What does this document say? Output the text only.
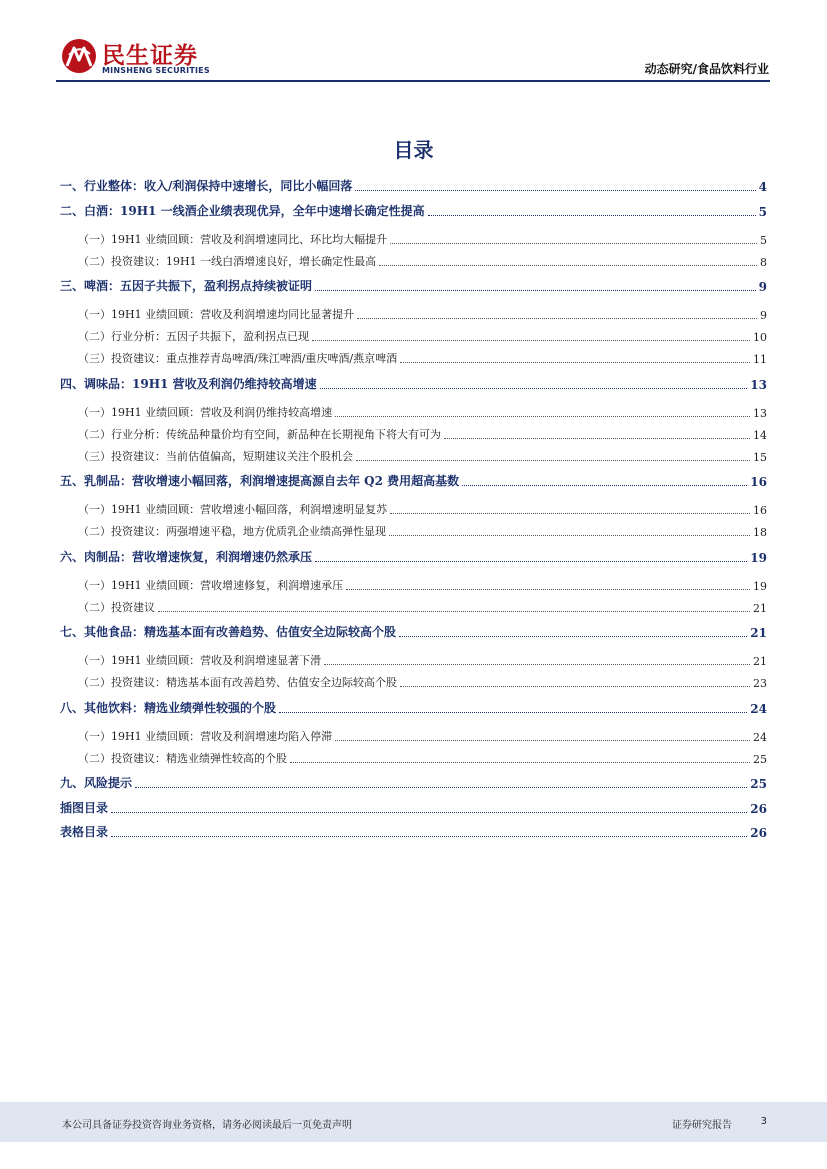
民生证券
MINSHENG SECURITIES	动态研究/食品饮料行业
目录
一、行业整体：收入/利润保持中速增长，同比小幅回落	4
二、白酒：19H1 一线酒企业绩表现优异，全年中速增长确定性提高	5
（一）19H1 业绩回顾：营收及利润增速同比、环比均大幅提升	5
（二）投资建议：19H1 一线白酒增速良好，增长确定性最高	8
三、啤酒：五因子共振下，盈利拐点持续被证明	9
（一）19H1 业绩回顾：营收及利润增速均同比显著提升	9
（二）行业分析：五因子共振下，盈利拐点已现	10
（三）投资建议：重点推荐青岛啤酒/珠江啤酒/重庆啤酒/燕京啤酒	11
四、调味品：19H1 营收及利润仍维持较高增速	13
（一）19H1 业绩回顾：营收及利润仍维持较高增速	13
（二）行业分析：传统品种量价均有空间，新品种在长期视角下将大有可为	14
（三）投资建议：当前估值偏高，短期建议关注个股机会	15
五、乳制品：营收增速小幅回落，利润增速提高源自去年 Q2 费用超高基数	16
（一）19H1 业绩回顾：营收增速小幅回落，利润增速明显复苏	16
（二）投资建议：两强增速平稳，地方优质乳企业绩高弹性显现	18
六、肉制品：营收增速恢复，利润增速仍然承压	19
（一）19H1 业绩回顾：营收增速修复，利润增速承压	19
（二）投资建议	21
七、其他食品：精选基本面有改善趋势、估值安全边际较高个股	21
（一）19H1 业绩回顾：营收及利润增速显著下滑	21
（二）投资建议：精选基本面有改善趋势、估值安全边际较高个股	23
八、其他饮料：精选业绩弹性较强的个股	24
（一）19H1 业绩回顾：营收及利润增速均陷入停滞	24
（二）投资建议：精选业绩弹性较高的个股	25
九、风险提示	25
插图目录	26
表格目录	26
本公司具备证券投资咨询业务资格，请务必阅读最后一页免责声明	证券研究报告	3
